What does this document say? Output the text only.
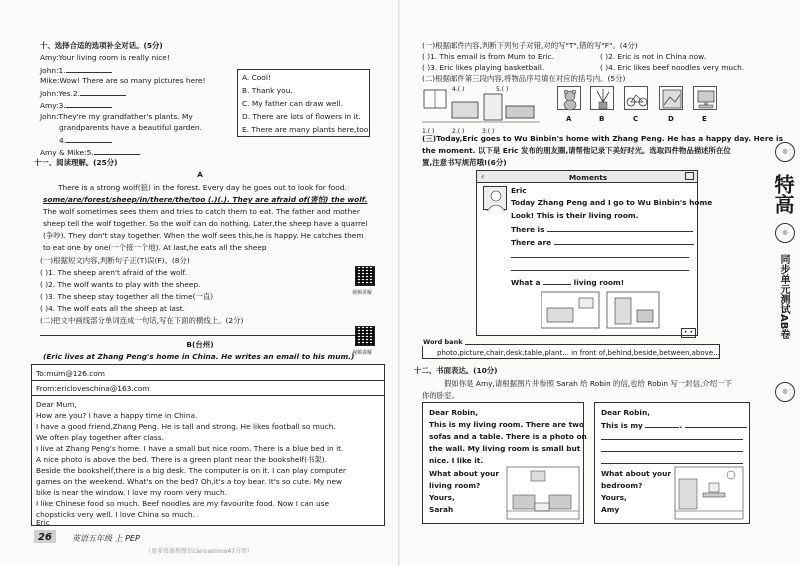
十、选择合适的选项补全对话。(5分)
Amy:Your living room is really nice!
John:1.
Mike:Wow! There are so many pictures here!
John:Yes.2.
Amy:3.
John:They're my grandfather's plants. My
grandparents have a beautiful garden.
4.
Amy & Mike:5.
A. Cool!
B. Thank you.
C. My father can draw well.
D. There are lots of flowers in it.
E. There are many plants here,too.
十一、阅读理解。(25分)
A
There is a strong wolf(狼) in the forest. Every day he goes out to look for food.
some/are/forest/sheep/in/there/the/too (.)(.). They are afraid of(害怕) the wolf.
The wolf sometimes sees them and tries to catch them to eat. The father and mother
sheep tell the wolf together. So the wolf can do nothing. Later,the sheep have a quarrel
(争吵). They don't stay together. When the wolf sees this,he is happy. He catches them
to eat one by one(一个接一个地). At last,he eats all the sheep
(一)根据短文内容,判断句子正(T)误(F)。(8分)
( )1. The sheep aren't afraid of the wolf.
( )2. The wolf wants to play with the sheep.
( )3. The sheep stay together all the time(一直)
( )4. The wolf eats all the sheep at last.
视频讲解
(二)把文中画线部分单词连成一句话,写在下面的横线上。(2分)
视频讲解
B(台州)
(Eric lives at Zhang Peng's home in China. He writes an email to his mum.)
To:mum@126.com
From:ericloveschina@163.com
Dear Mum,
How are you? I have a happy time in China.
I have a good friend,Zhang Peng. He is tall and strong. He likes football so much.
We often play together after class.
I live at Zhang Peng's home. I have a small but nice room. There is a blue bed in it.
A nice photo is above the bed. There is a green plant near the bookshelf(书架).
Beside the bookshelf,there is a big desk. The computer is on it. I can play computer
games on the weekend. What's on the bed? Oh,it's a toy bear. It's so cute. My new
bike is near the window. I love my room very much.
I like Chinese food so much. Beef noodles are my favourite food. Now I can use
chopsticks very well. I love China so much.
Eric
26	英语五年级 上 PEP
（更多资源搜微信canvasmoo47分领）
(一)根据邮件内容,判断下列句子对错,对的写"T",错的写"F"。(4分)
( )1. This email is from Mum to Eric.	( )2. Eric is not in China now.
( )3. Eric likes playing basketball.	( )4. Eric likes beef noodles very much.
(二)根据邮件第三段内容,将物品序号填在对应的括号内。(5分)
1.( )	2.( )	3.( )
4.( )	5.( )
A	B	C	D	E
(三)Today,Eric goes to Wu Binbin's home with Zhang Peng. He has a happy day. Here is
the moment. 以下是 Eric 发布的朋友圈,请帮他记录下美好时光。选取四件物品描述所在位
置,注意书写规范哦!(6分)
‹	Moments
Eric
Today Zhang Peng and I go to Wu Binbin's home
Look! This is their living room.
There is
There are
What a	living room!
• •
Word bank
photo,picture,chair,desk,table,plant... in front of,behind,beside,between,above...
十二、书面表达。(10分)
假如你是 Amy,请根据图片并参照 Sarah 给 Robin 的信,也给 Robin 写一封信,介绍一下
你的卧室。
Dear Robin,
This is my living room. There are two
sofas and a table. There is a photo on
the wall. My living room is small but
nice. I like it.
What about your
living room?
Yours,
Sarah
Dear Robin,
This is my	.
What about your
bedroom?
Yours,
Amy
◎
特高
◎
同步单元测试AB卷
◎
